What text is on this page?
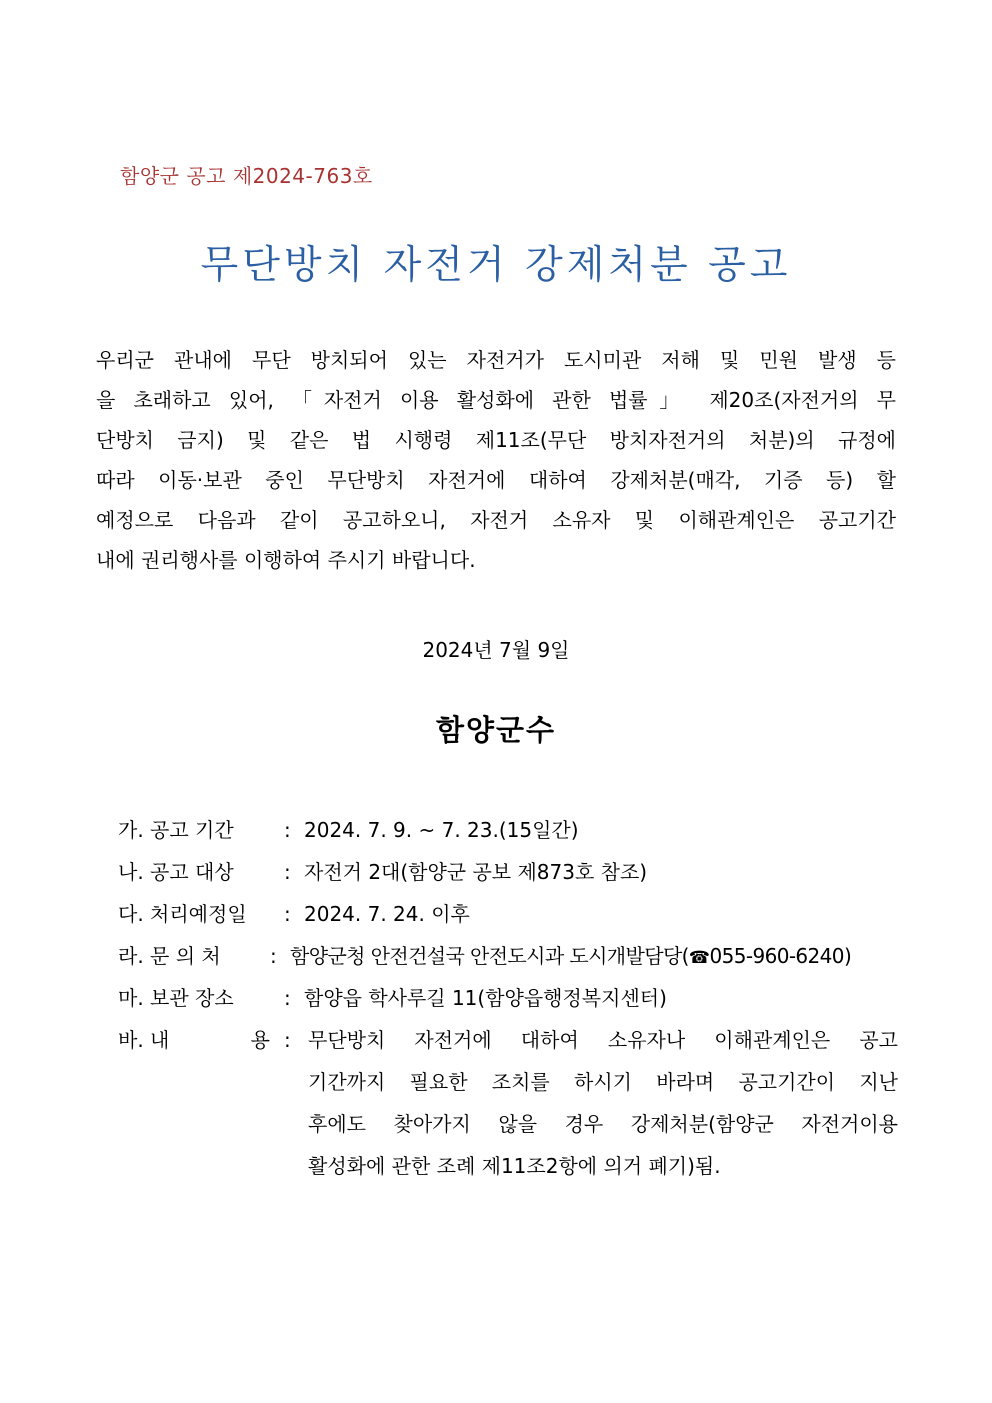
함양군 공고 제2024-763호
무단방치 자전거 강제처분 공고
우리군 관내에 무단 방치되어 있는 자전거가 도시미관 저해 및 민원 발생 등
을 초래하고 있어, 「자전거 이용 활성화에 관한 법률」 제20조(자전거의 무
단방치 금지) 및 같은 법 시행령 제11조(무단 방치자전거의 처분)의 규정에
따라 이동·보관 중인 무단방치 자전거에 대하여 강제처분(매각, 기증 등) 할
예정으로 다음과 같이 공고하오니, 자전거 소유자 및 이해관계인은 공고기간
내에 권리행사를 이행하여 주시기 바랍니다.
2024년 7월 9일
함양군수
가. 공고 기간	: 2024. 7. 9. ~ 7. 23.(15일간)
나. 공고 대상	: 자전거 2대(함양군 공보 제873호 참조)
다. 처리예정일 : 2024. 7. 24. 이후
라. 문 의 처 : 함양군청 안전건설국 안전도시과 도시개발담당(☎055-960-6240)
마. 보관 장소	: 함양읍 학사루길 11(함양읍행정복지센터)
바. 내	용 : 무단방치 자전거에 대하여 소유자나 이해관계인은 공고
기간까지 필요한 조치를 하시기 바라며 공고기간이 지난
후에도 찾아가지 않을 경우 강제처분(함양군 자전거이용
활성화에 관한 조례 제11조2항에 의거 폐기)됨.
